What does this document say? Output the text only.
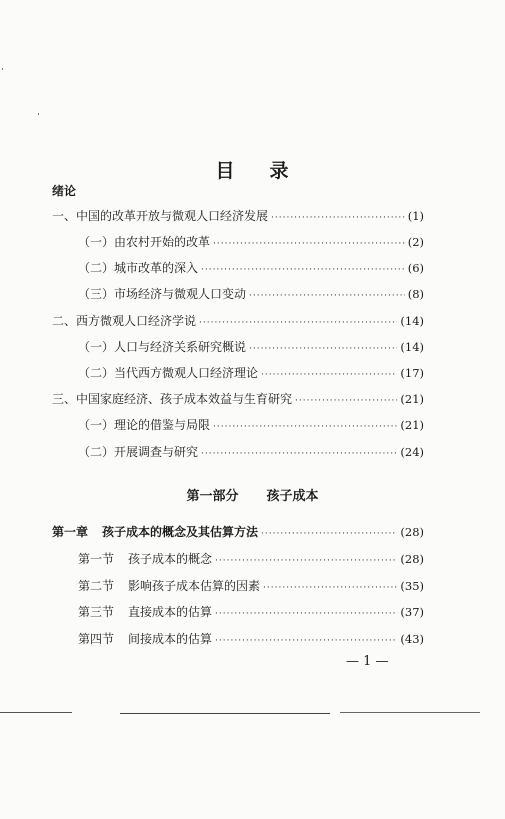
目 录
绪论
一、中国的改革开放与微观人口经济发展 ·····	(1)
（一）由农村开始的改革 ·····	(2)
（二）城市改革的深入 ·····	(6)
（三）市场经济与微观人口变动 ·····	(8)
二、西方微观人口经济学说 ·····	(14)
（一）人口与经济关系研究概说 ·····	(14)
（二）当代西方微观人口经济理论 ·····	(17)
三、中国家庭经济、孩子成本效益与生育研究 ·····	(21)
（一）理论的借鉴与局限 ·····	(21)
（二）开展调查与研究 ·····	(24)
第一部分 孩子成本
第一章 孩子成本的概念及其估算方法 ·····	(28)
第一节 孩子成本的概念 ·····	(28)
第二节 影响孩子成本估算的因素 ·····	(35)
第三节 直接成本的估算 ·····	(37)
第四节 间接成本的估算 ·····	(43)
— 1 —
